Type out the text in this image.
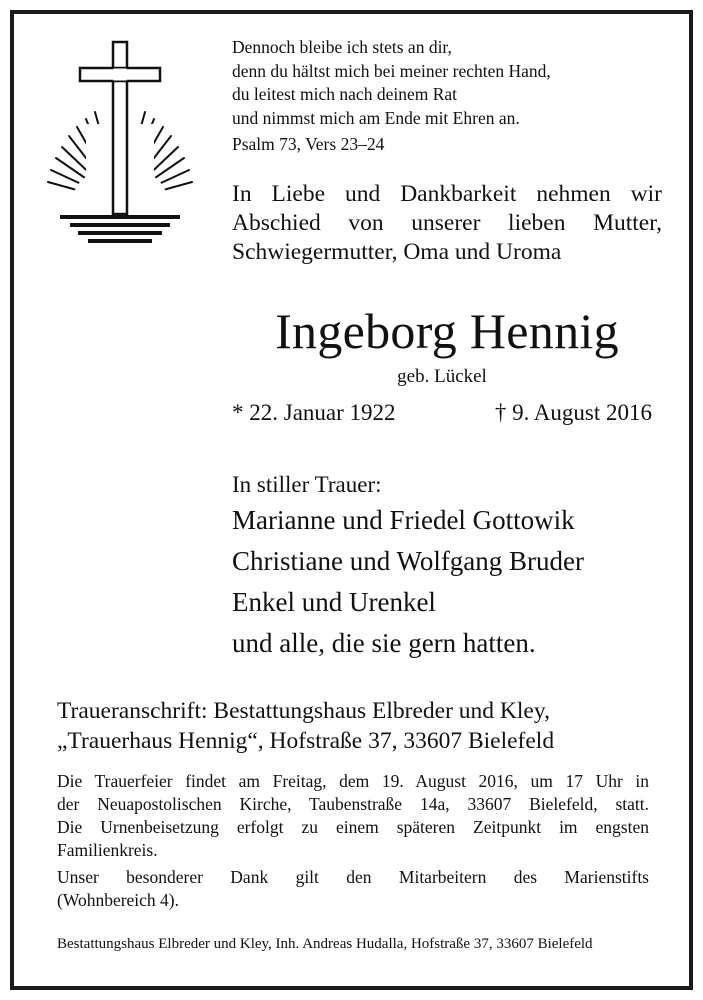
Dennoch bleibe ich stets an dir,
denn du hältst mich bei meiner rechten Hand,
du leitest mich nach deinem Rat
und nimmst mich am Ende mit Ehren an.
Psalm 73, Vers 23–24
In Liebe und Dankbarkeit nehmen wir
Abschied von unserer lieben Mutter,
Schwiegermutter, Oma und Uroma
Ingeborg Hennig
geb. Lückel
* 22. Januar 1922	† 9. August 2016
In stiller Trauer:
Marianne und Friedel Gottowik
Christiane und Wolfgang Bruder
Enkel und Urenkel
und alle, die sie gern hatten.
Traueranschrift: Bestattungshaus Elbreder und Kley,
„Trauerhaus Hennig“, Hofstraße 37, 33607 Bielefeld
Die Trauerfeier findet am Freitag, dem 19. August 2016, um 17 Uhr in
der Neuapostolischen Kirche, Taubenstraße 14a, 33607 Bielefeld, statt.
Die Urnenbeisetzung erfolgt zu einem späteren Zeitpunkt im engsten
Familienkreis.
Unser besonderer Dank gilt den Mitarbeitern des Marienstifts
(Wohnbereich 4).
Bestattungshaus Elbreder und Kley, Inh. Andreas Hudalla, Hofstraße 37, 33607 Bielefeld
